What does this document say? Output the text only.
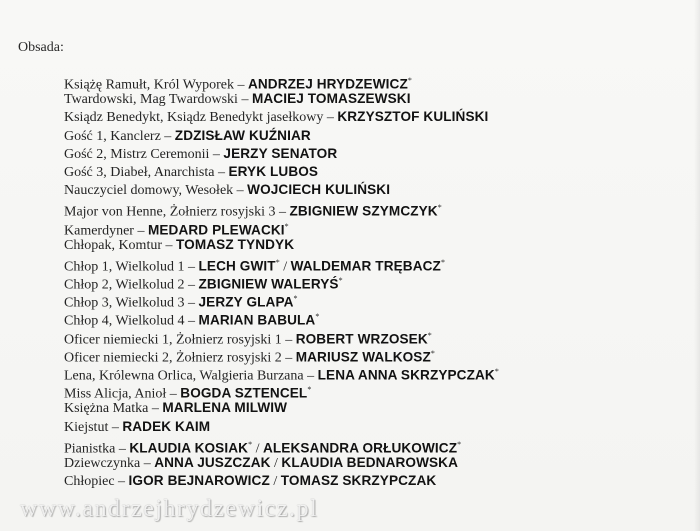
Obsada:
Książę Ramułt, Król Wyporek – ANDRZEJ HRYDZEWICZ*
Twardowski, Mag Twardowski – MACIEJ TOMASZEWSKI
Ksiądz Benedykt, Ksiądz Benedykt jasełkowy – KRZYSZTOF KULIŃSKI
Gość 1, Kanclerz – ZDZISŁAW KUŹNIAR
Gość 2, Mistrz Ceremonii – JERZY SENATOR
Gość 3, Diabeł, Anarchista – ERYK LUBOS
Nauczyciel domowy, Wesołek – WOJCIECH KULIŃSKI
Major von Henne, Żołnierz rosyjski 3 – ZBIGNIEW SZYMCZYK*
Kamerdyner – MEDARD PLEWACKI*
Chłopak, Komtur – TOMASZ TYNDYK
Chłop 1, Wielkolud 1 – LECH GWIT* / WALDEMAR TRĘBACZ*
Chłop 2, Wielkolud 2 – ZBIGNIEW WALERYŚ*
Chłop 3, Wielkolud 3 – JERZY GLAPA*
Chłop 4, Wielkolud 4 – MARIAN BABULA*
Oficer niemiecki 1, Żołnierz rosyjski 1 – ROBERT WRZOSEK*
Oficer niemiecki 2, Żołnierz rosyjski 2 – MARIUSZ WALKOSZ*
Lena, Królewna Orlica, Walgieria Burzana – LENA ANNA SKRZYPCZAK*
Miss Alicja, Anioł – BOGDA SZTENCEL*
Księżna Matka – MARLENA MILWIW
Kiejstut – RADEK KAIM
Pianistka – KLAUDIA KOSIAK* / ALEKSANDRA ORŁUKOWICZ*
Dziewczynka – ANNA JUSZCZAK / KLAUDIA BEDNAROWSKA
Chłopiec – IGOR BEJNAROWICZ / TOMASZ SKRZYPCZAK
www.andrzejhrydzewicz.pl
